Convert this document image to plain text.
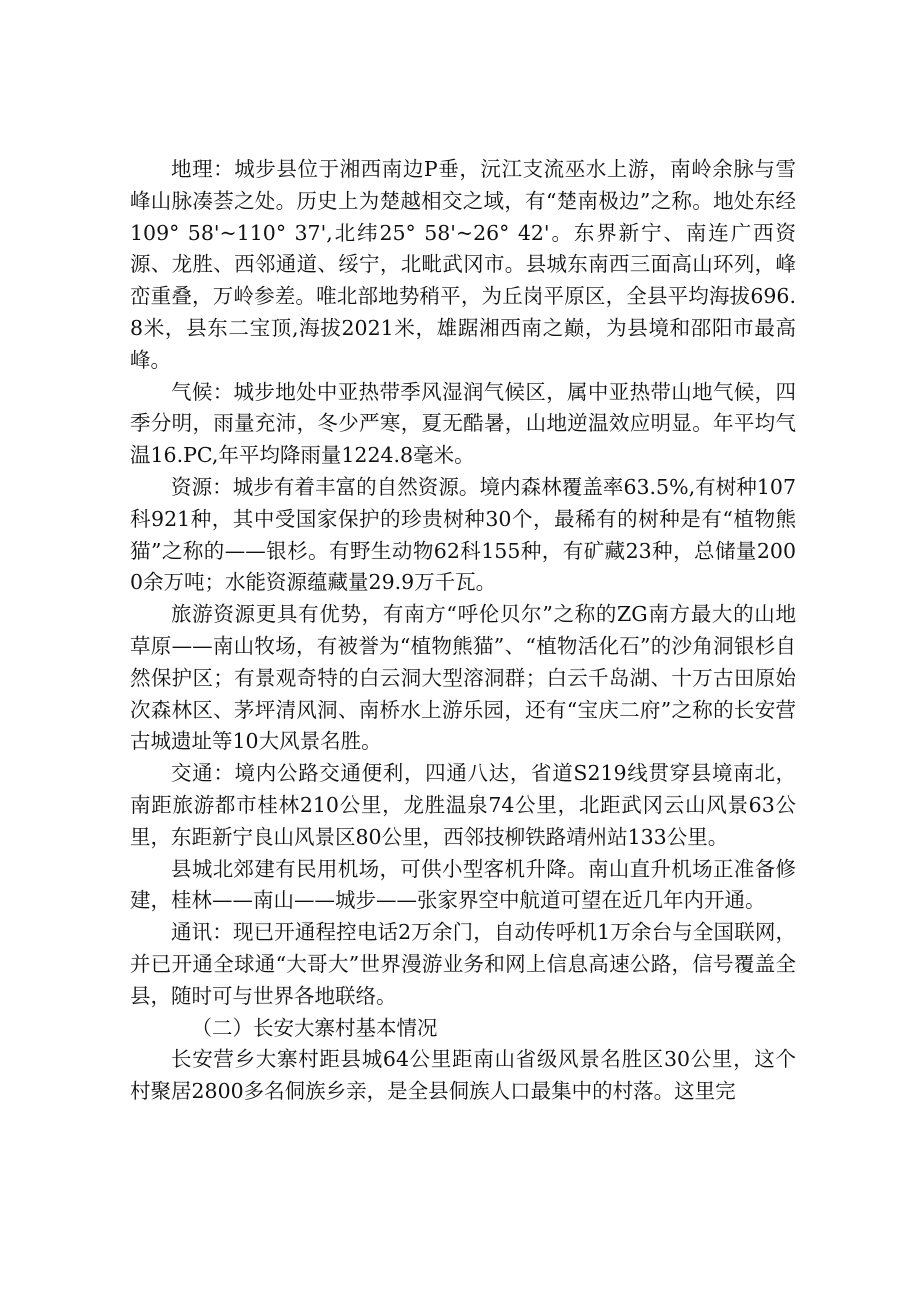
地理：城步县位于湘西南边P垂，沅江支流巫水上游，南岭余脉与雪峰山脉凑荟之处。历史上为楚越相交之域，有“楚南极边”之称。地处东经109° 58'~110° 37',北纬25° 58'~26° 42'。东界新宁、南连广西资源、龙胜、西邻通道、绥宁，北毗武冈市。县城东南西三面高山环列，峰峦重叠，万岭参差。唯北部地势稍平，为丘岗平原区，全县平均海拔696.8米，县东二宝顶,海拔2021米，雄踞湘西南之巅，为县境和邵阳市最高峰。

气候：城步地处中亚热带季风湿润气候区，属中亚热带山地气候，四季分明，雨量充沛，冬少严寒，夏无酷暑，山地逆温效应明显。年平均气温16.PC,年平均降雨量1224.8毫米。

资源：城步有着丰富的自然资源。境内森林覆盖率63.5%,有树种107科921种，其中受国家保护的珍贵树种30个，最稀有的树种是有“植物熊猫”之称的——银杉。有野生动物62科155种，有矿藏23种，总储量2000余万吨；水能资源蕴藏量29.9万千瓦。

旅游资源更具有优势，有南方“呼伦贝尔”之称的ZG南方最大的山地草原——南山牧场，有被誉为“植物熊猫”、“植物活化石”的沙角洞银杉自然保护区；有景观奇特的白云洞大型溶洞群；白云千岛湖、十万古田原始次森林区、茅坪清风洞、南桥水上游乐园，还有“宝庆二府”之称的长安营古城遗址等10大风景名胜。

交通：境内公路交通便利，四通八达，省道S219线贯穿县境南北，南距旅游都市桂林210公里，龙胜温泉74公里，北距武冈云山风景63公里，东距新宁良山风景区80公里，西邻技柳铁路靖州站133公里。

县城北郊建有民用机场，可供小型客机升降。南山直升机场正准备修建，桂林——南山——城步——张家界空中航道可望在近几年内开通。

通讯：现已开通程控电话2万余门，自动传呼机1万余台与全国联网，并已开通全球通“大哥大”世界漫游业务和网上信息高速公路，信号覆盖全县，随时可与世界各地联络。

（二）长安大寨村基本情况

长安营乡大寨村距县城64公里距南山省级风景名胜区30公里，这个村聚居2800多名侗族乡亲，是全县侗族人口最集中的村落。这里完
